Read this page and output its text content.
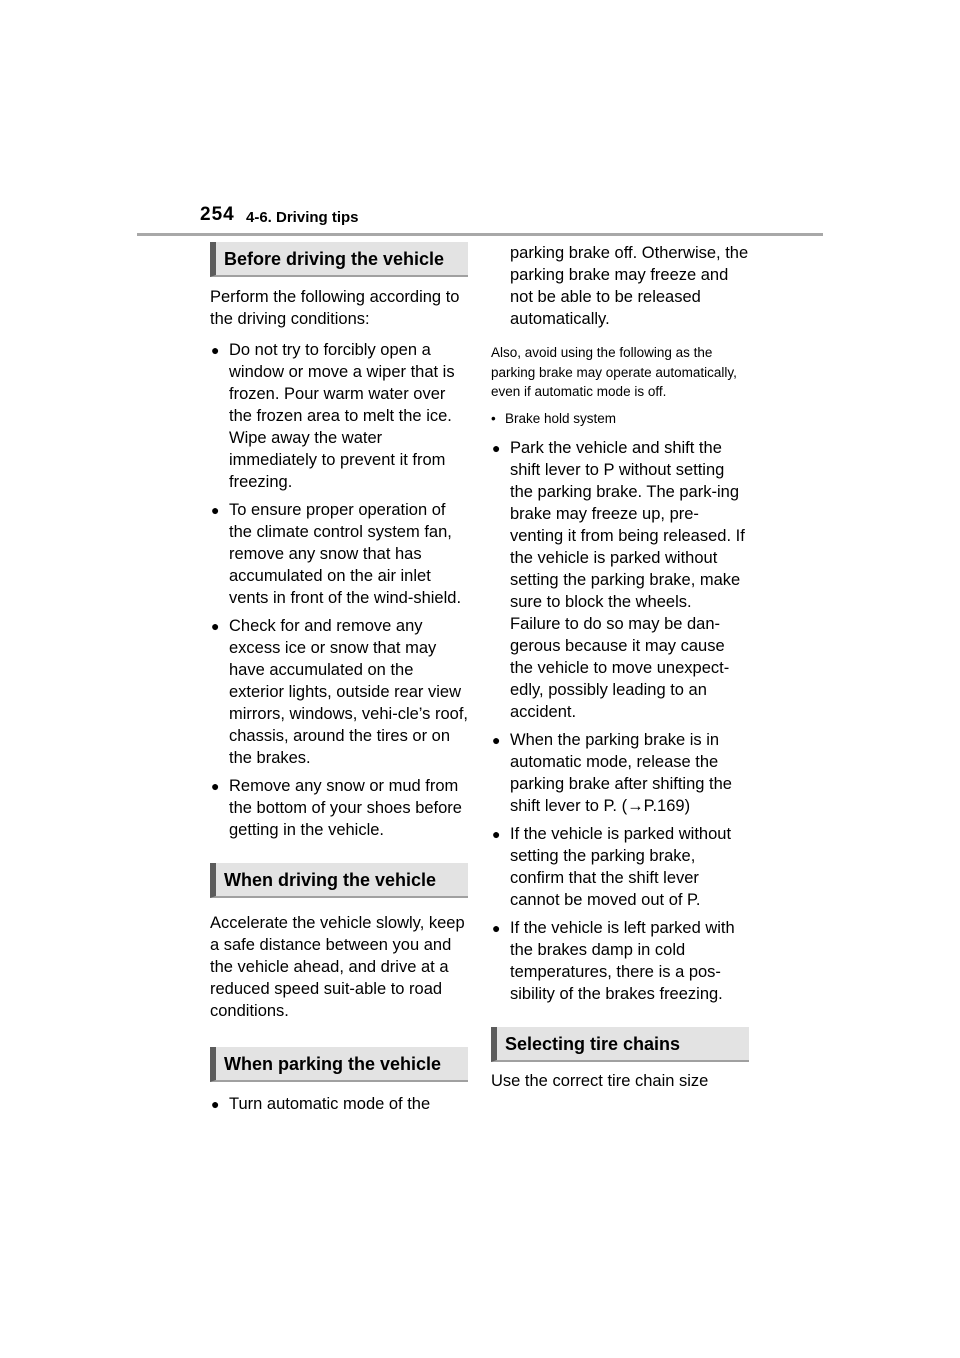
254 4-6. Driving tips
Before driving the vehicle

Perform the following according to the driving conditions:

● Do not try to forcibly open a window or move a wiper that is frozen. Pour warm water over the frozen area to melt the ice. Wipe away the water immediately to prevent it from freezing.
● To ensure proper operation of the climate control system fan, remove any snow that has accumulated on the air inlet vents in front of the wind-shield.
● Check for and remove any excess ice or snow that may have accumulated on the exterior lights, outside rear view mirrors, windows, vehi-cle’s roof, chassis, around the tires or on the brakes.
● Remove any snow or mud from the bottom of your shoes before getting in the vehicle.
When driving the vehicle

Accelerate the vehicle slowly, keep a safe distance between you and the vehicle ahead, and drive at a reduced speed suit-able to road conditions.

When parking the vehicle
● Turn automatic mode of the

parking brake off. Otherwise, the parking brake may freeze and not be able to be released automatically.

Also, avoid using the following as the parking brake may operate automatically, even if automatic mode is off.

• Brake hold system
● Park the vehicle and shift the shift lever to P without setting the parking brake. The park-ing brake may freeze up, pre-venting it from being released. If the vehicle is parked without setting the parking brake, make sure to block the wheels.
Failure to do so may be dan-gerous because it may cause the vehicle to move unexpect-edly, possibly leading to an accident.
● When the parking brake is in automatic mode, release the parking brake after shifting the shift lever to P. (→P.169)
● If the vehicle is parked without setting the parking brake, confirm that the shift lever cannot be moved out of P.
● If the vehicle is left parked with the brakes damp in cold temperatures, there is a pos-sibility of the brakes freezing.
Selecting tire chains

Use the correct tire chain size
